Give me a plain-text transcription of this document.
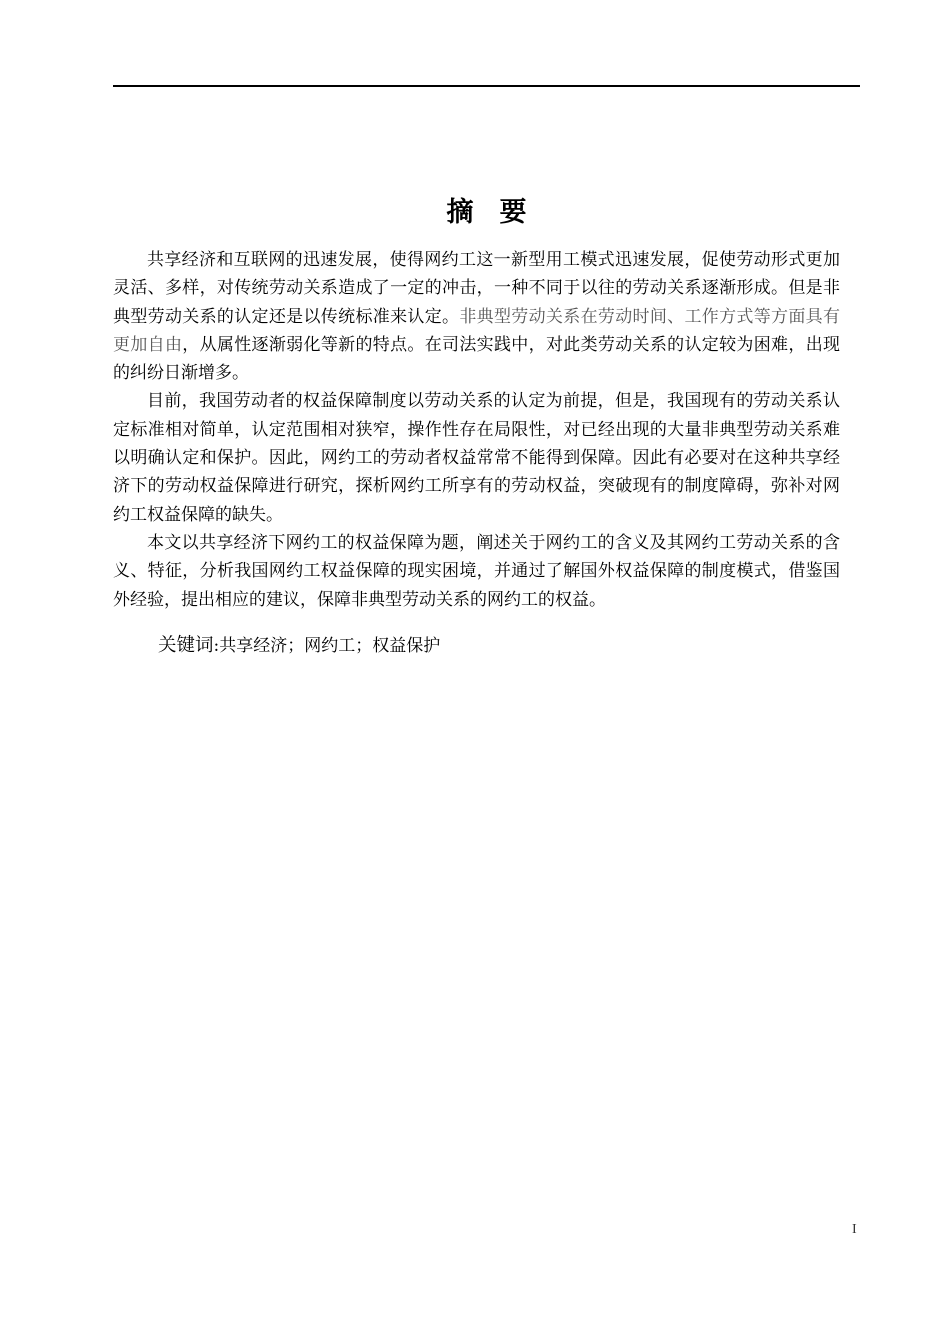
摘要

共享经济和互联网的迅速发展，使得网约工这一新型用工模式迅速发展，促使劳动形式更加灵活、多样，对传统劳动关系造成了一定的冲击，一种不同于以往的劳动关系逐渐形成。但是非典型劳动关系的认定还是以传统标准来认定。非典型劳动关系在劳动时间、工作方式等方面具有更加自由，从属性逐渐弱化等新的特点。在司法实践中，对此类劳动关系的认定较为困难，出现的纠纷日渐增多。

目前，我国劳动者的权益保障制度以劳动关系的认定为前提，但是，我国现有的劳动关系认定标准相对简单，认定范围相对狭窄，操作性存在局限性，对已经出现的大量非典型劳动关系难以明确认定和保护。因此，网约工的劳动者权益常常不能得到保障。因此有必要对在这种共享经济下的劳动权益保障进行研究，探析网约工所享有的劳动权益，突破现有的制度障碍，弥补对网约工权益保障的缺失。

本文以共享经济下网约工的权益保障为题，阐述关于网约工的含义及其网约工劳动关系的含义、特征，分析我国网约工权益保障的现实困境，并通过了解国外权益保障的制度模式，借鉴国外经验，提出相应的建议，保障非典型劳动关系的网约工的权益。

关键词:共享经济；网约工；权益保护
I
